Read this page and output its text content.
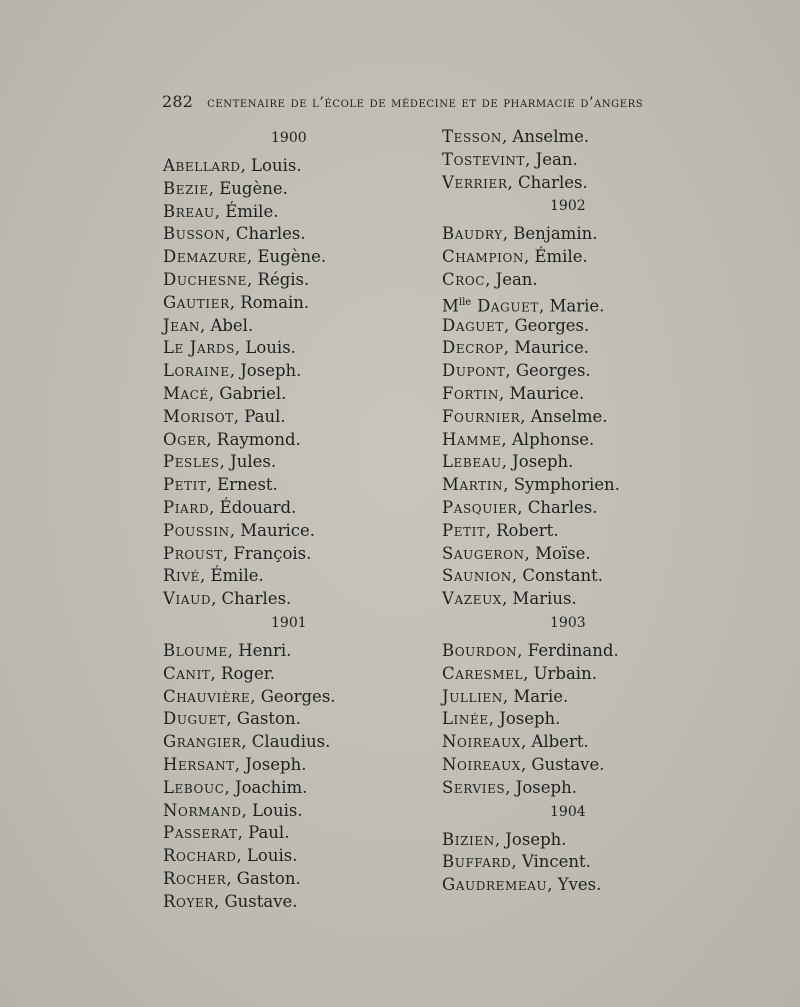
282 centenaire de l’école de médecine et de pharmacie d’angers
1900
Abellard, Louis.
Bezie, Eugène.
Breau, Émile.
Busson, Charles.
Demazure, Eugène.
Duchesne, Régis.
Gautier, Romain.
Jean, Abel.
Le Jards, Louis.
Loraine, Joseph.
Macé, Gabriel.
Morisot, Paul.
Oger, Raymond.
Pesles, Jules.
Petit, Ernest.
Piard, Édouard.
Poussin, Maurice.
Proust, François.
Rivé, Émile.
Viaud, Charles.
1901
Bloume, Henri.
Canit, Roger.
Chauvière, Georges.
Duguet, Gaston.
Grangier, Claudius.
Hersant, Joseph.
Lebouc, Joachim.
Normand, Louis.
Passerat, Paul.
Rochard, Louis.
Rocher, Gaston.
Royer, Gustave.
Tesson, Anselme.
Tostevint, Jean.
Verrier, Charles.
1902
Baudry, Benjamin.
Champion, Émile.
Croc, Jean.
$M^{lle}$ Daguet, Marie.
Daguet, Georges.
Decrop, Maurice.
Dupont, Georges.
Fortin, Maurice.
Fournier, Anselme.
Hamme, Alphonse.
Lebeau, Joseph.
Martin, Symphorien.
Pasquier, Charles.
Petit, Robert.
Saugeron, Moïse.
Saunion, Constant.
Vazeux, Marius.
1903
Bourdon, Ferdinand.
Caresmel, Urbain.
Jullien, Marie.
Linée, Joseph.
Noireaux, Albert.
Noireaux, Gustave.
Servies, Joseph.
1904
Bizien, Joseph.
Buffard, Vincent.
Gaudremeau, Yves.
